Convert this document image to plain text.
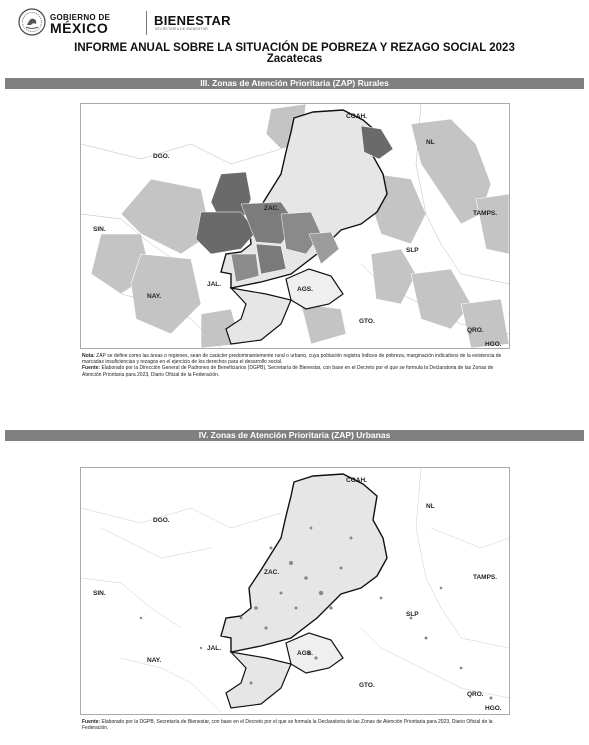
GOBIERNO DE
MÉXICO	BIENESTAR
SECRETARÍA DE BIENESTAR
INFORME ANUAL SOBRE LA SITUACIÓN DE POBREZA Y REZAGO SOCIAL 2023
Zacatecas
III. Zonas de Atención Prioritaria (ZAP) Rurales
COAH.
DGO.
NL
ZAC.
TAMPS.
SIN.
SLP
JAL.
AGS.
NAY.
GTO.
QRO.
HGO.
Nota: ZAP se define como las áreas o regiones, sean de carácter predominantemente rural o urbano, cuya población registra índices de pobreza, marginación indicativos de la existencia de marcadas insuficiencias y rezagos en el ejercicio de los derechos para el desarrollo social.
Fuente: Elaborado por la Dirección General de Padrones de Beneficiarios (DGPB), Secretaría de Bienestar, con base en el Decreto por el que se formula la Declaratoria de las Zonas de Atención Prioritaria para 2023, Diario Oficial de la Federación.
IV. Zonas de Atención Prioritaria (ZAP) Urbanas
COAH.
DGO.
NL
ZAC.
TAMPS.
SIN.
SLP
JAL.
AGS.
NAY.
GTO.
QRO.
HGO.
Fuente: Elaborado por la DGPB, Secretaría de Bienestar, con base en el Decreto por el que se formula la Declaratoria de las Zonas de Atención Prioritaria para 2023, Diario Oficial de la Federación.
